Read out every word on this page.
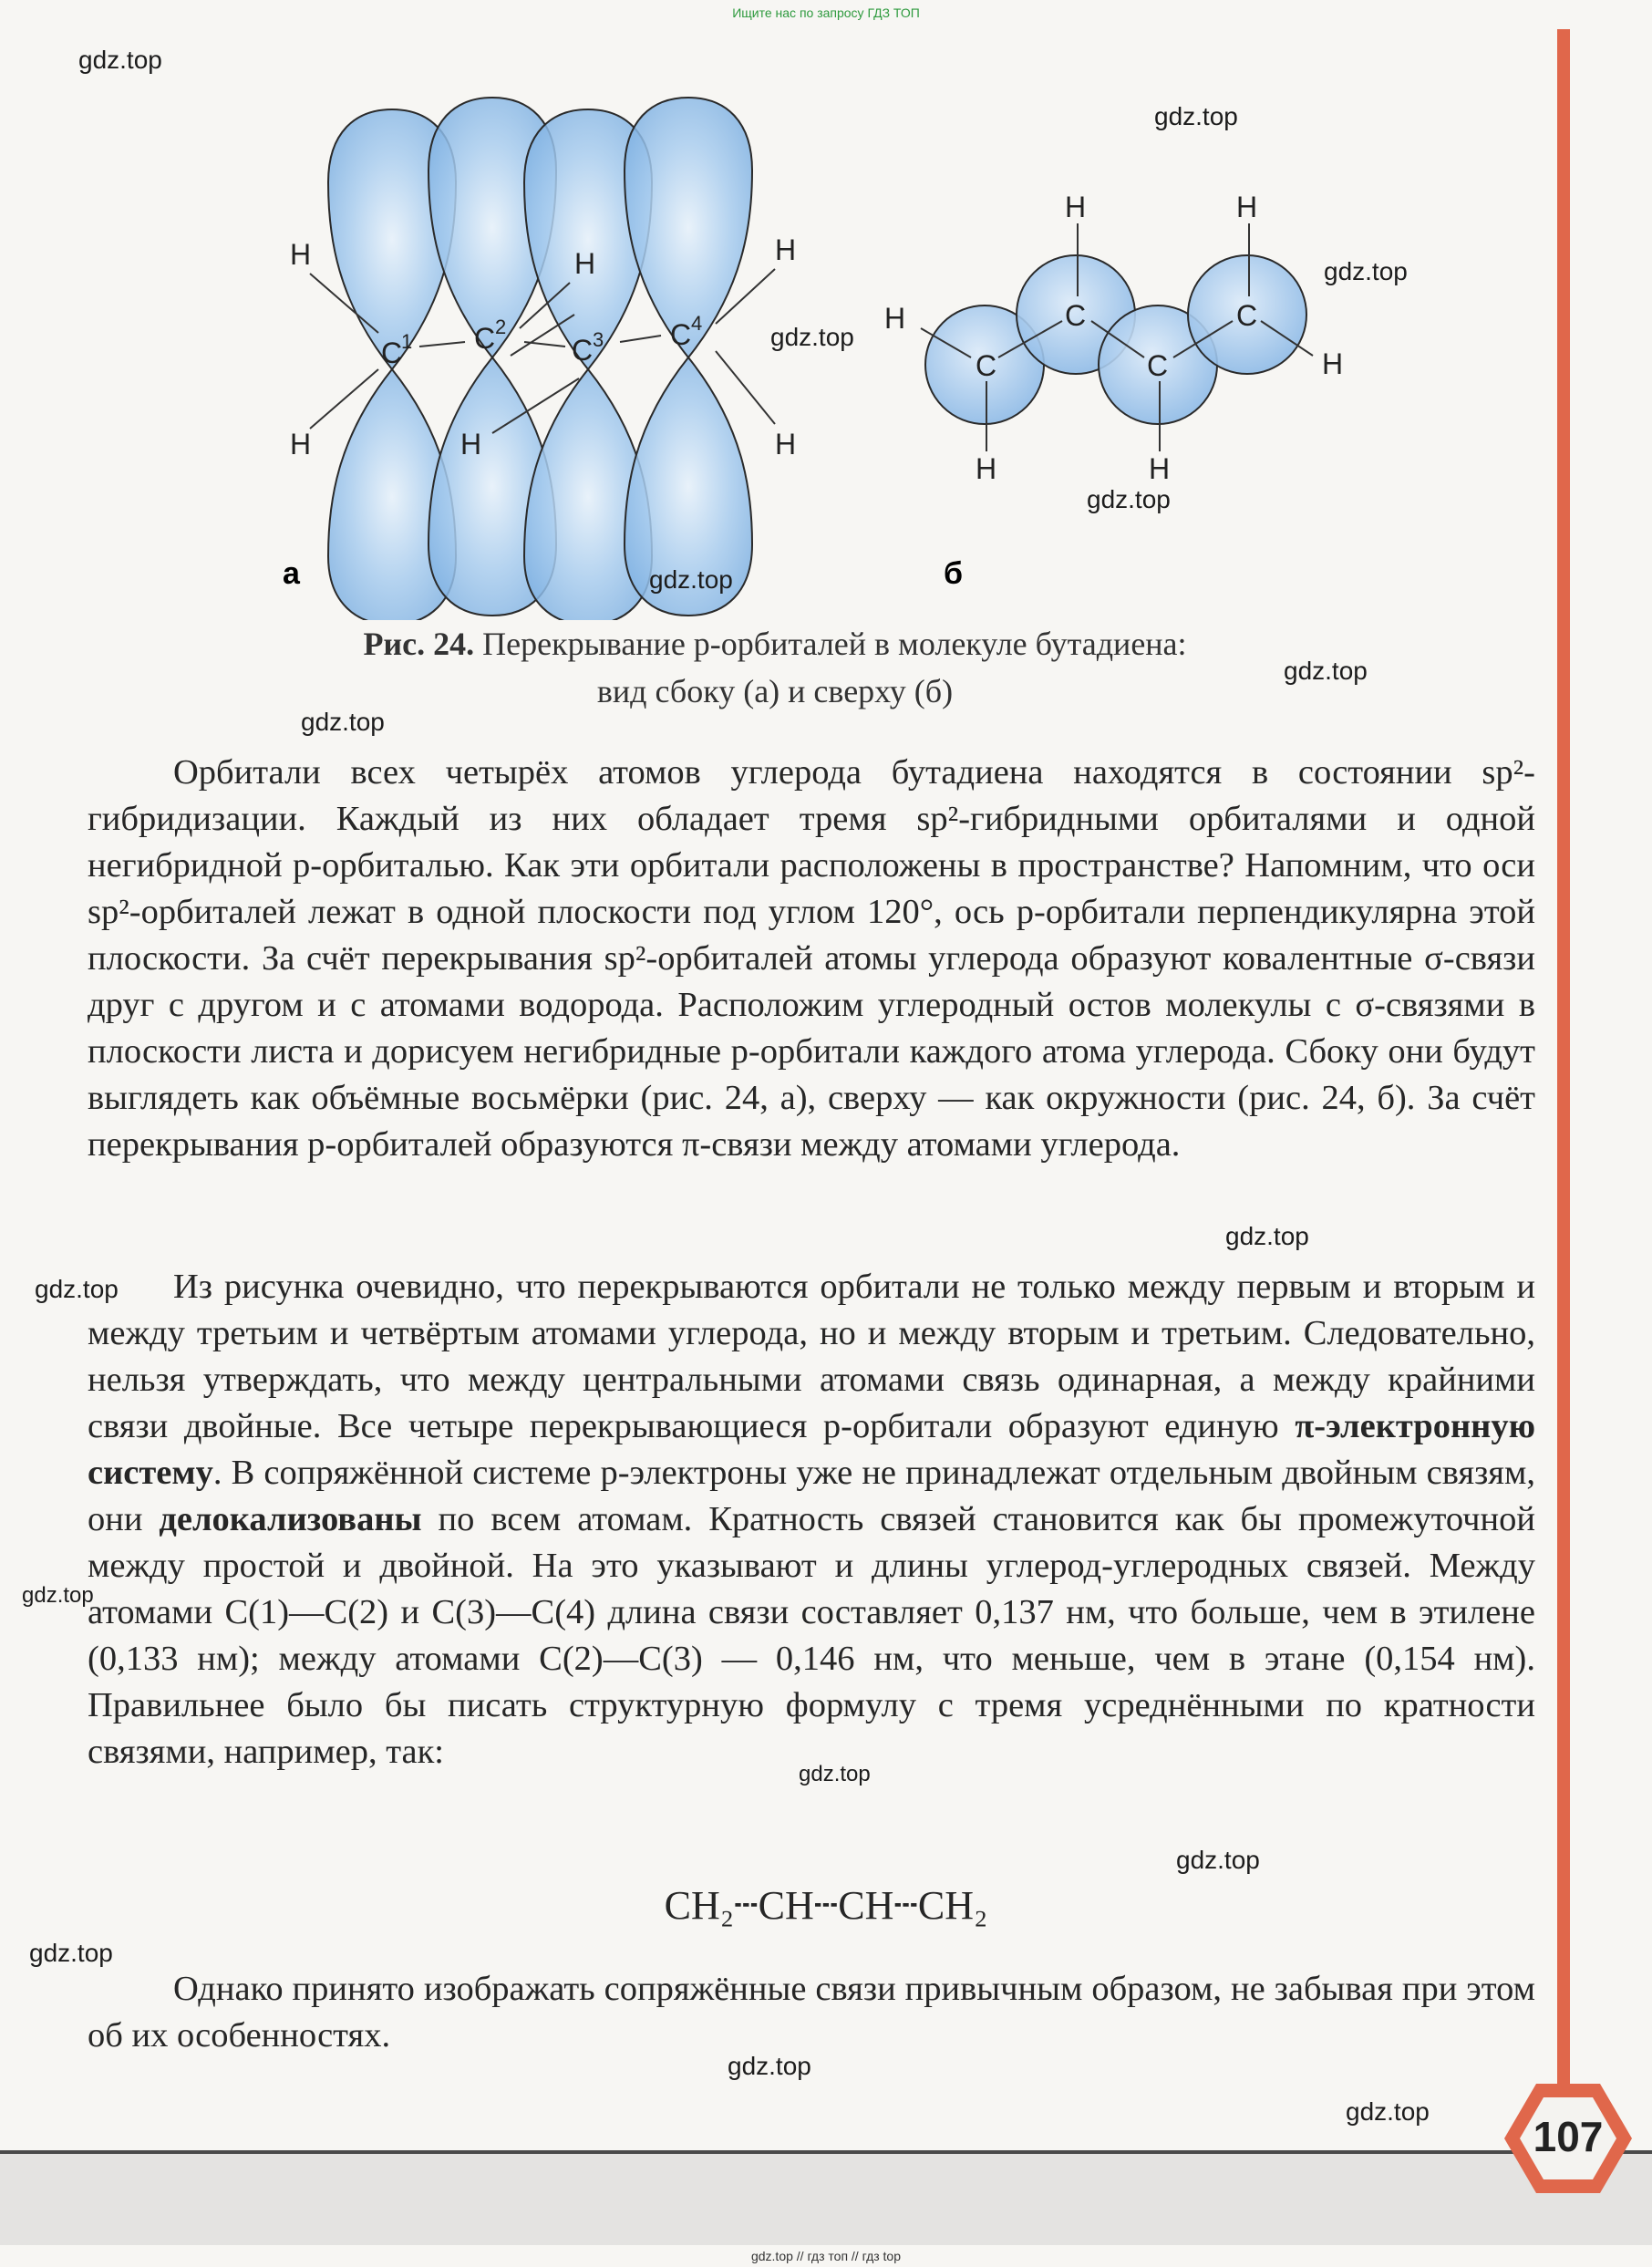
Ищите нас по запросу ГДЗ ТОП
H
H
C
1 C 2
C 3 C 4
H	H
H
H
а
H
C
H
C
H
C
H
C
H
H
б
Рис. 24. Перекрывание p-орбиталей в молекуле бутадиена:
вид сбоку (а) и сверху (б)

Орбитали всех четырёх атомов углерода бутадиена находятся в состоянии sp²-гибридизации. Каждый из них обладает тремя sp²-гибридными орбиталями и одной негибридной p-орбиталью. Как эти орбитали расположены в пространстве? Напомним, что оси sp²-орбиталей лежат в одной плоскости под углом 120°, ось p-орбитали перпендикулярна этой плоскости. За счёт перекрывания sp²-орбиталей атомы углерода образуют ковалентные σ-связи друг с другом и с атомами водорода. Расположим углеродный остов молекулы с σ-связями в плоскости листа и дорисуем негибридные p-орбитали каждого атома углерода. Сбоку они будут выглядеть как объёмные восьмёрки (рис. 24, а), сверху — как окружности (рис. 24, б). За счёт перекрывания p-орбиталей образуются π-связи между атомами углерода.

Из рисунка очевидно, что перекрываются орбитали не только между первым и вторым и между третьим и четвёртым атомами углерода, но и между вторым и третьим. Следовательно, нельзя утверждать, что между центральными атомами связь одинарная, а между крайними связи двойные. Все четыре перекрывающиеся p-орбитали образуют единую π-электронную систему. В сопряжённой системе p-электроны уже не принадлежат отдельным двойным связям, они делокализованы по всем атомам. Кратность связей становится как бы промежуточной между простой и двойной. На это указывают и длины углерод-углеродных связей. Между атомами C(1)—C(2) и C(3)—C(4) длина связи составляет 0,137 нм, что больше, чем в этилене (0,133 нм); между атомами C(2)—C(3) — 0,146 нм, что меньше, чем в этане (0,154 нм). Правильнее было бы писать структурную формулу с тремя усреднёнными по кратности связями, например, так:

CH₂┄CH┄CH┄CH₂

Однако принято изображать сопряжённые связи привычным образом, не забывая при этом об их особенностях.

107
gdz.top
gdz.top
gdz.top
gdz.top
gdz.top
gdz.top
gdz.top
gdz.top
gdz.top
gdz.top
gdz.top
gdz.top
gdz.top
gdz.top
gdz.top
gdz.top
gdz.top // гдз топ // гдз top
